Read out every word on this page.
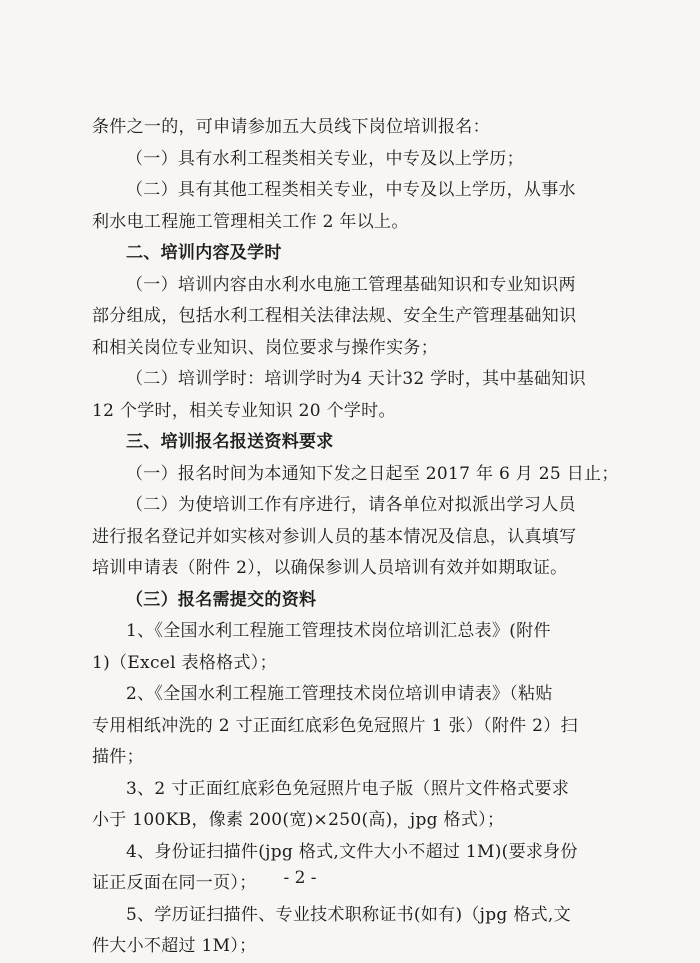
条件之一的，可申请参加五大员线下岗位培训报名：

（一）具有水利工程类相关专业，中专及以上学历；

（二）具有其他工程类相关专业，中专及以上学历，从事水

利水电工程施工管理相关工作 2 年以上。

二、培训内容及学时

（一）培训内容由水利水电施工管理基础知识和专业知识两

部分组成，包括水利工程相关法律法规、安全生产管理基础知识

和相关岗位专业知识、岗位要求与操作实务；

（二）培训学时：培训学时为4 天计32 学时，其中基础知识

12 个学时，相关专业知识 20 个学时。

三、培训报名报送资料要求

（一）报名时间为本通知下发之日起至 2017 年 6 月 25 日止；

（二）为使培训工作有序进行，请各单位对拟派出学习人员

进行报名登记并如实核对参训人员的基本情况及信息，认真填写

培训申请表（附件 2），以确保参训人员培训有效并如期取证。

（三）报名需提交的资料

1、《全国水利工程施工管理技术岗位培训汇总表》(附件

1)（Excel 表格格式）；

2、《全国水利工程施工管理技术岗位培训申请表》（粘贴

专用相纸冲洗的 2 寸正面红底彩色免冠照片 1 张）（附件 2）扫

描件；

3、2 寸正面红底彩色免冠照片电子版（照片文件格式要求

小于 100KB，像素 200(宽)×250(高)，jpg 格式）；

4、身份证扫描件(jpg 格式,文件大小不超过 1M)(要求身份

证正反面在同一页）；

5、学历证扫描件、专业技术职称证书(如有)（jpg 格式,文

件大小不超过 1M）；

- 2 -
